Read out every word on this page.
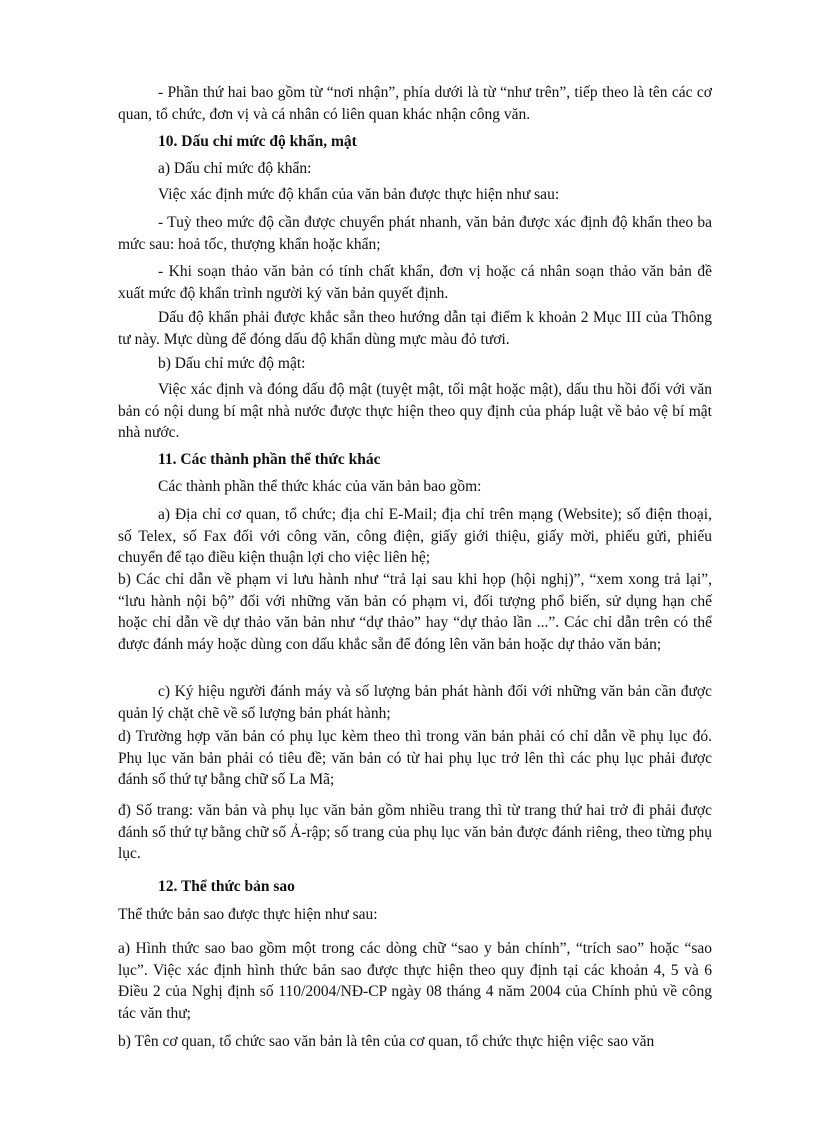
- Phần thứ hai bao gồm từ “nơi nhận”, phía dưới là từ “như trên”, tiếp theo là tên các cơ quan, tổ chức, đơn vị và cá nhân có liên quan khác nhận công văn.

10. Dấu chỉ mức độ khẩn, mật

a) Dấu chỉ mức độ khẩn:

Việc xác định mức độ khẩn của văn bản được thực hiện như sau:

- Tuỳ theo mức độ cần được chuyển phát nhanh, văn bản được xác định độ khẩn theo ba mức sau: hoả tốc, thượng khẩn hoặc khẩn;

- Khi soạn thảo văn bản có tính chất khẩn, đơn vị hoặc cá nhân soạn thảo văn bản đề xuất mức độ khẩn trình người ký văn bản quyết định.

Dấu độ khẩn phải được khắc sẵn theo hướng dẫn tại điểm k khoản 2 Mục III của Thông tư này. Mực dùng để đóng dấu độ khẩn dùng mực màu đỏ tươi.

b) Dấu chỉ mức độ mật:

Việc xác định và đóng dấu độ mật (tuyệt mật, tối mật hoặc mật), dấu thu hồi đối với văn bản có nội dung bí mật nhà nước được thực hiện theo quy định của pháp luật về bảo vệ bí mật nhà nước.

11. Các thành phần thể thức khác

Các thành phần thể thức khác của văn bản bao gồm:

a) Địa chỉ cơ quan, tổ chức; địa chỉ E-Mail; địa chỉ trên mạng (Website); số điện thoại, số Telex, số Fax đối với công văn, công điện, giấy giới thiệu, giấy mời, phiếu gửi, phiếu chuyển để tạo điều kiện thuận lợi cho việc liên hệ;

b) Các chỉ dẫn về phạm vi lưu hành như “trả lại sau khi họp (hội nghị)”, “xem xong trả lại”, “lưu hành nội bộ” đối với những văn bản có phạm vi, đối tượng phổ biến, sử dụng hạn chế hoặc chỉ dẫn về dự thảo văn bản như “dự thảo” hay “dự thảo lần ...”. Các chỉ dẫn trên có thể được đánh máy hoặc dùng con dấu khắc sẵn để đóng lên văn bản hoặc dự thảo văn bản;

c) Ký hiệu người đánh máy và số lượng bản phát hành đối với những văn bản cần được quản lý chặt chẽ về số lượng bản phát hành;

d) Trường hợp văn bản có phụ lục kèm theo thì trong văn bản phải có chỉ dẫn về phụ lục đó. Phụ lục văn bản phải có tiêu đề; văn bản có từ hai phụ lục trở lên thì các phụ lục phải được đánh số thứ tự bằng chữ số La Mã;

đ) Số trang: văn bản và phụ lục văn bản gồm nhiều trang thì từ trang thứ hai trở đi phải được đánh số thứ tự bằng chữ số Ả-rập; số trang của phụ lục văn bản được đánh riêng, theo từng phụ lục.

12. Thể thức bản sao

Thể thức bản sao được thực hiện như sau:

a) Hình thức sao bao gồm một trong các dòng chữ “sao y bản chính”, “trích sao” hoặc “sao lục”. Việc xác định hình thức bản sao được thực hiện theo quy định tại các khoản 4, 5 và 6 Điều 2 của Nghị định số 110/2004/NĐ-CP ngày 08 tháng 4 năm 2004 của Chính phủ về công tác văn thư;

b) Tên cơ quan, tổ chức sao văn bản là tên của cơ quan, tổ chức thực hiện việc sao văn
